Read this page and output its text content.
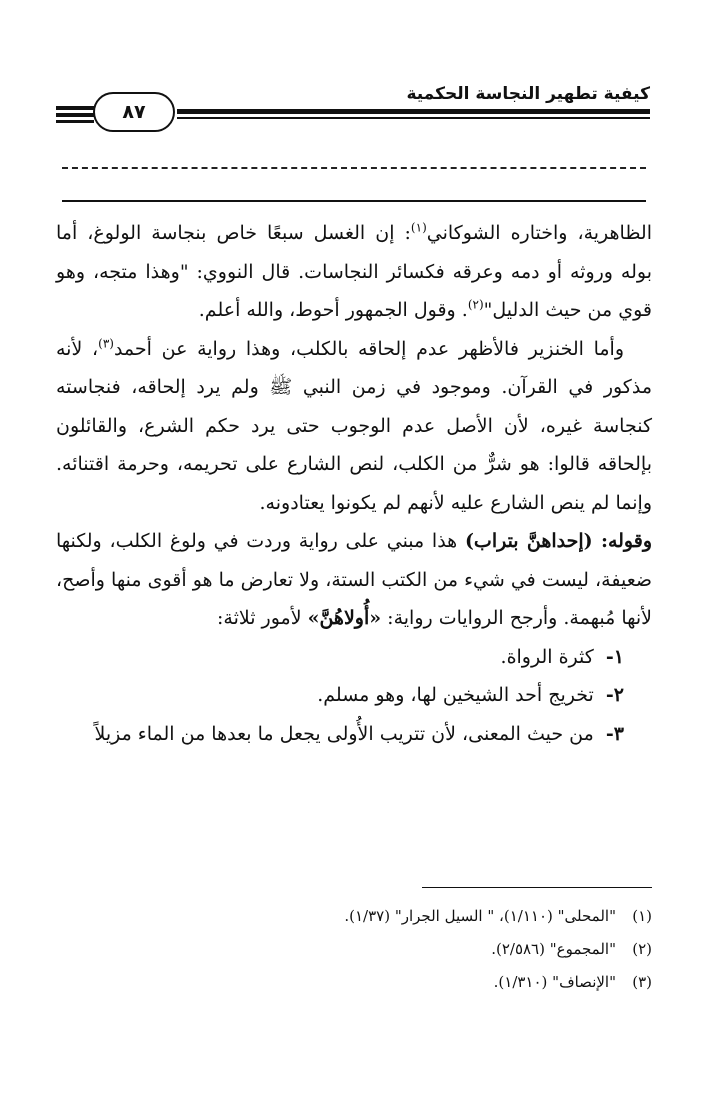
كيفية تطهير النجاسة الحكمية
٨٧

الظاهرية، واختاره الشوكاني$^{(١)}$: إن الغسل سبعًا خاص بنجاسة الولوغ، أما بوله وروثه أو دمه وعرقه فكسائر النجاسات. قال النووي: "وهذا متجه، وهو قوي من حيث الدليل"$^{(٢)}$. وقول الجمهور أحوط، والله أعلم.

وأما الخنزير فالأظهر عدم إلحاقه بالكلب، وهذا رواية عن أحمد$^{(٣)}$، لأنه مذكور في القرآن. وموجود في زمن النبي ﷺ ولم يرد إلحاقه، فنجاسته كنجاسة غيره، لأن الأصل عدم الوجوب حتى يرد حكم الشرع، والقائلون بإلحاقه قالوا: هو شرٌّ من الكلب، لنص الشارع على تحريمه، وحرمة اقتنائه. وإنما لم ينص الشارع عليه لأنهم لم يكونوا يعتادونه.

وقوله: (إحداهنَّ بتراب) هذا مبني على رواية وردت في ولوغ الكلب، ولكنها ضعيفة، ليست في شيء من الكتب الستة، ولا تعارض ما هو أقوى منها وأصح، لأنها مُبهمة. وأرجح الروايات رواية: «أُولاهُنَّ» لأمور ثلاثة:

١-  كثرة الرواة.

٢-  تخريج أحد الشيخين لها، وهو مسلم.

٣-  من حيث المعنى، لأن تتريب الأُولى يجعل ما بعدها من الماء مزيلاً

(١)"المحلى" (١/١١٠)، " السيل الجرار" (١/٣٧).
(٢)"المجموع" (٢/٥٨٦).
(٣)"الإنصاف" (١/٣١٠).
